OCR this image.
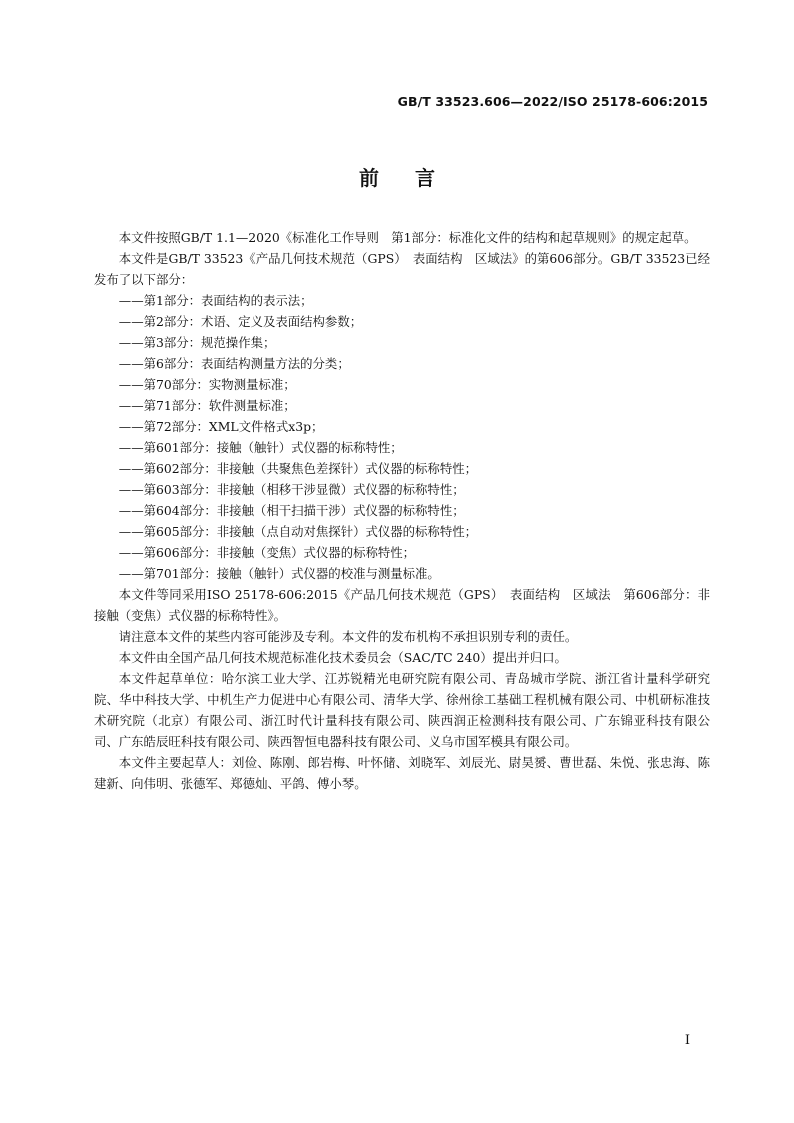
GB/T 33523.606—2022/ISO 25178-606:2015
前 言

本文件按照GB/T 1.1—2020《标准化工作导则　第1部分：标准化文件的结构和起草规则》的规定起草。

本文件是GB/T 33523《产品几何技术规范（GPS）　表面结构　区域法》的第606部分。GB/T 33523已经发布了以下部分：

——第1部分：表面结构的表示法；
——第2部分：术语、定义及表面结构参数；
——第3部分：规范操作集；
——第6部分：表面结构测量方法的分类；
——第70部分：实物测量标准；
——第71部分：软件测量标准；
——第72部分：XML文件格式x3p；
——第601部分：接触（触针）式仪器的标称特性；
——第602部分：非接触（共聚焦色差探针）式仪器的标称特性；
——第603部分：非接触（相移干涉显微）式仪器的标称特性；
——第604部分：非接触（相干扫描干涉）式仪器的标称特性；
——第605部分：非接触（点自动对焦探针）式仪器的标称特性；
——第606部分：非接触（变焦）式仪器的标称特性；
——第701部分：接触（触针）式仪器的校准与测量标准。

本文件等同采用ISO 25178-606:2015《产品几何技术规范（GPS）　表面结构　区域法　第606部分：非接触（变焦）式仪器的标称特性》。

请注意本文件的某些内容可能涉及专利。本文件的发布机构不承担识别专利的责任。

本文件由全国产品几何技术规范标准化技术委员会（SAC/TC 240）提出并归口。

本文件起草单位：哈尔滨工业大学、江苏锐精光电研究院有限公司、青岛城市学院、浙江省计量科学研究院、华中科技大学、中机生产力促进中心有限公司、清华大学、徐州徐工基础工程机械有限公司、中机研标准技术研究院（北京）有限公司、浙江时代计量科技有限公司、陕西润正检测科技有限公司、广东锦亚科技有限公司、广东皓辰旺科技有限公司、陕西智恒电器科技有限公司、义乌市国军模具有限公司。

本文件主要起草人：刘俭、陈刚、郎岩梅、叶怀储、刘晓军、刘辰光、尉昊赟、曹世磊、朱悦、张忠海、陈建新、向伟明、张德军、郑德灿、平鸽、傅小琴。

I
